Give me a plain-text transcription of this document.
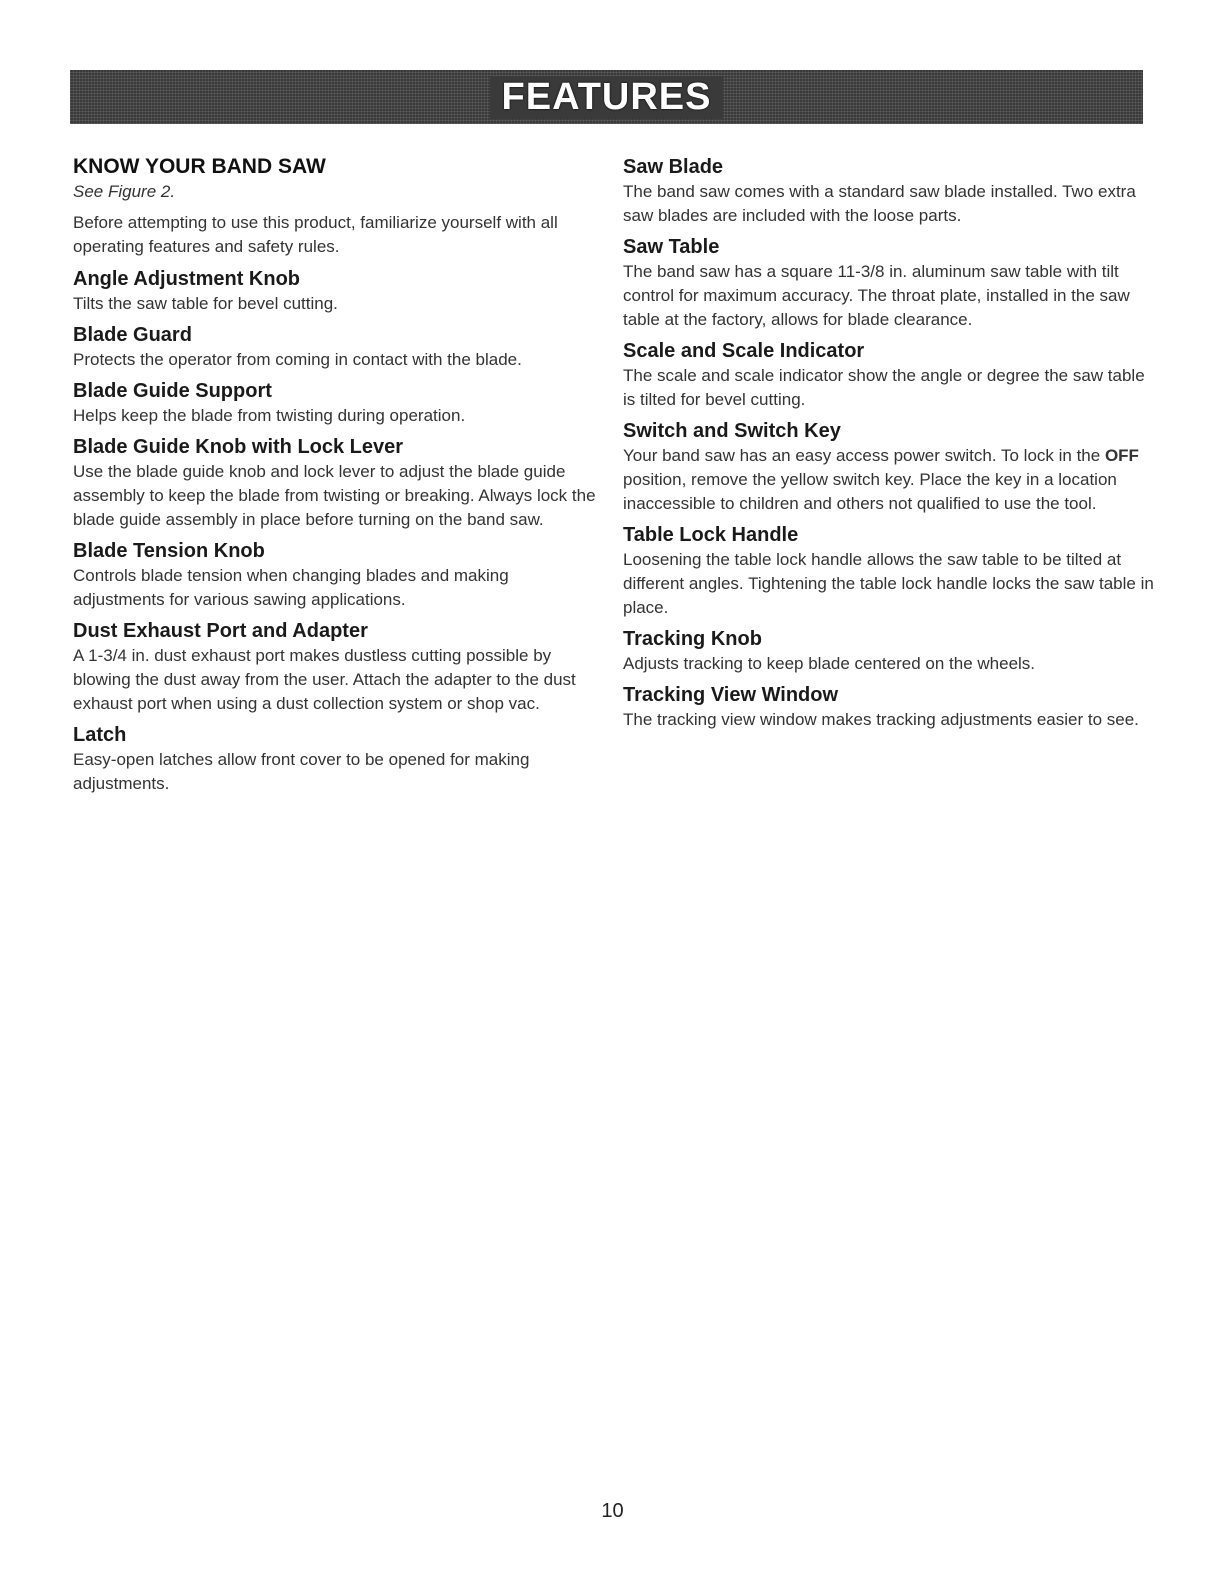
FEATURES
KNOW YOUR BAND SAW
See Figure 2.

Before attempting to use this product, familiarize yourself with all operating features and safety rules.

Angle Adjustment Knob

Tilts the saw table for bevel cutting.

Blade Guard

Protects the operator from coming in contact with the blade.

Blade Guide Support

Helps keep the blade from twisting during operation.

Blade Guide Knob with Lock Lever

Use the blade guide knob and lock lever to adjust the blade guide assembly to keep the blade from twisting or breaking. Always lock the blade guide assembly in place before turning on the band saw.

Blade Tension Knob

Controls blade tension when changing blades and making adjustments for various sawing applications.

Dust Exhaust Port and Adapter

A 1-3/4 in. dust exhaust port makes dustless cutting possible by blowing the dust away from the user. Attach the adapter to the dust exhaust port when using a dust collection system or shop vac.

Latch

Easy-open latches allow front cover to be opened for making adjustments.

Saw Blade

The band saw comes with a standard saw blade installed. Two extra saw blades are included with the loose parts.

Saw Table

The band saw has a square 11-3/8 in. aluminum saw table with tilt control for maximum accuracy. The throat plate, installed in the saw table at the factory, allows for blade clearance.

Scale and Scale Indicator

The scale and scale indicator show the angle or degree the saw table is tilted for bevel cutting.

Switch and Switch Key

Your band saw has an easy access power switch. To lock in the OFF position, remove the yellow switch key. Place the key in a location inaccessible to children and others not qualified to use the tool.

Table Lock Handle

Loosening the table lock handle allows the saw table to be tilted at different angles. Tightening the table lock handle locks the saw table in place.

Tracking Knob

Adjusts tracking to keep blade centered on the wheels.

Tracking View Window

The tracking view window makes tracking adjustments easier to see.

10
